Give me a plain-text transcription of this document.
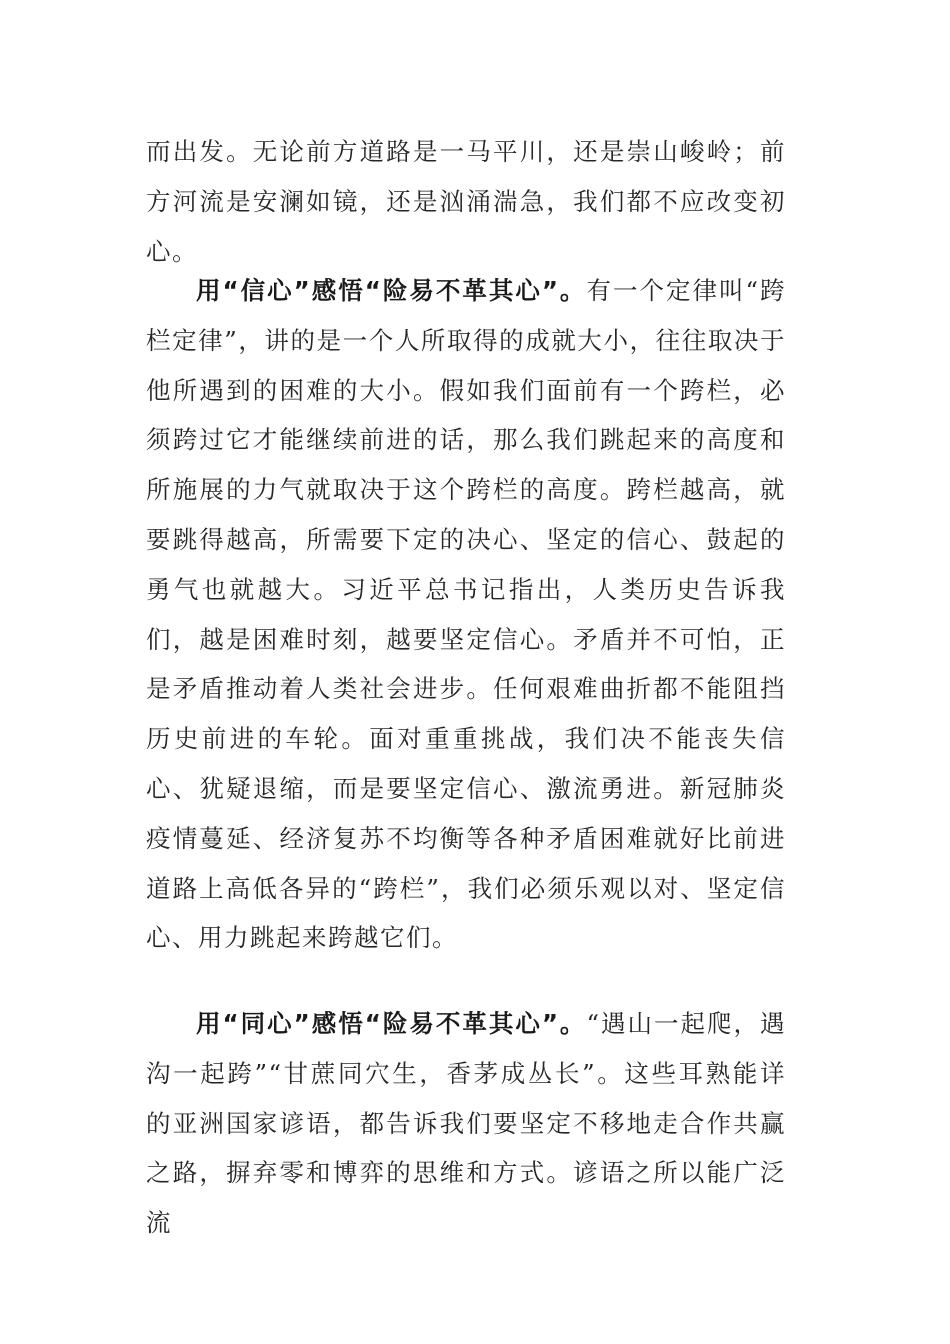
而出发。无论前方道路是一马平川，还是崇山峻岭；前方河流是安澜如镜，还是汹涌湍急，我们都不应改变初心。

用“信心”感悟“险易不革其心”。有一个定律叫“跨栏定律”，讲的是一个人所取得的成就大小，往往取决于他所遇到的困难的大小。假如我们面前有一个跨栏，必须跨过它才能继续前进的话，那么我们跳起来的高度和所施展的力气就取决于这个跨栏的高度。跨栏越高，就要跳得越高，所需要下定的决心、坚定的信心、鼓起的勇气也就越大。习近平总书记指出，人类历史告诉我们，越是困难时刻，越要坚定信心。矛盾并不可怕，正是矛盾推动着人类社会进步。任何艰难曲折都不能阻挡历史前进的车轮。面对重重挑战，我们决不能丧失信心、犹疑退缩，而是要坚定信心、激流勇进。新冠肺炎疫情蔓延、经济复苏不均衡等各种矛盾困难就好比前进道路上高低各异的“跨栏”，我们必须乐观以对、坚定信心、用力跳起来跨越它们。

用“同心”感悟“险易不革其心”。“遇山一起爬，遇沟一起跨”“甘蔗同穴生，香茅成丛长”。这些耳熟能详的亚洲国家谚语，都告诉我们要坚定不移地走合作共赢之路，摒弃零和博弈的思维和方式。谚语之所以能广泛流
